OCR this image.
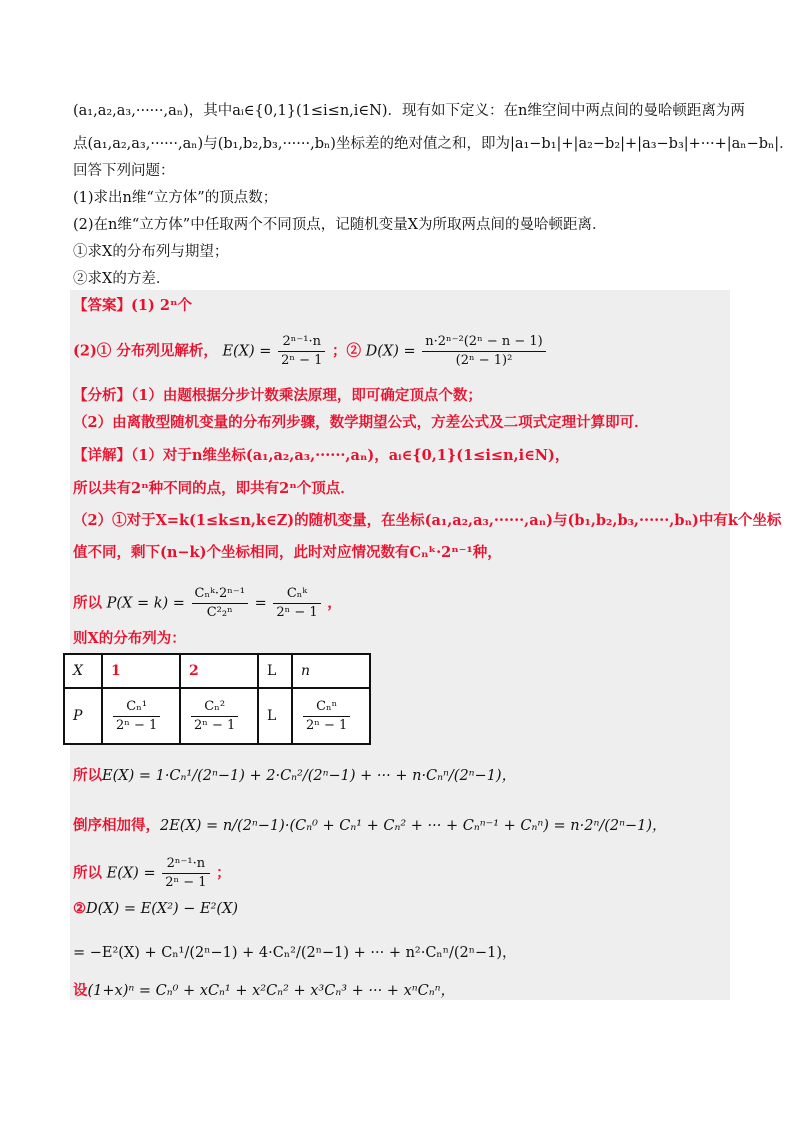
(a₁,a₂,a₃,······,aₙ)，其中aᵢ∈{0,1}(1≤i≤n,i∈N)．现有如下定义：在n维空间中两点间的曼哈顿距离为两
点(a₁,a₂,a₃,······,aₙ)与(b₁,b₂,b₃,······,bₙ)坐标差的绝对值之和，即为|a₁−b₁|+|a₂−b₂|+|a₃−b₃|+···+|aₙ−bₙ|．
回答下列问题：
(1)求出n维“立方体”的顶点数；
(2)在n维“立方体”中任取两个不同顶点，记随机变量X为所取两点间的曼哈顿距离．
①求X的分布列与期望；
②求X的方差．
【答案】(1) 2ⁿ个
(2)① 分布列见解析， $E(X) = \frac{\text{2ⁿ⁻¹·n}}{\text{2ⁿ − 1}}$ ；② $D(X) = \frac{\text{n·2ⁿ⁻²(2ⁿ − n − 1)}}{\text{(2ⁿ − 1)²}}$
【分析】（1）由题根据分步计数乘法原理，即可确定顶点个数；
（2）由离散型随机变量的分布列步骤，数学期望公式，方差公式及二项式定理计算即可．
【详解】（1）对于n维坐标(a₁,a₂,a₃,······,aₙ)，aᵢ∈{0,1}(1≤i≤n,i∈N)，
所以共有2ⁿ种不同的点，即共有2ⁿ个顶点．
（2）①对于X=k(1≤k≤n,k∈Z)的随机变量，在坐标(a₁,a₂,a₃,······,aₙ)与(b₁,b₂,b₃,······,bₙ)中有k个坐标
值不同，剩下(n−k)个坐标相同，此时对应情况数有Cₙᵏ·2ⁿ⁻¹种，
所以 $P(X = k) = \frac{\text{Cₙᵏ·2ⁿ⁻¹}}{\text{C²₂ⁿ}} = \frac{\text{Cₙᵏ}}{\text{2ⁿ − 1}}$ ，
则X的分布列为：
X	1	2	L	n
P	$\frac{\text{Cₙ¹}}{\text{2ⁿ − 1}}$	$\frac{\text{Cₙ²}}{\text{2ⁿ − 1}}$	L	$\frac{\text{Cₙⁿ}}{\text{2ⁿ − 1}}$
所以E(X) = 1·Cₙ¹/(2ⁿ−1) + 2·Cₙ²/(2ⁿ−1) + ··· + n·Cₙⁿ/(2ⁿ−1)，
倒序相加得，2E(X) = n/(2ⁿ−1)·(Cₙ⁰ + Cₙ¹ + Cₙ² + ··· + Cₙⁿ⁻¹ + Cₙⁿ) = n·2ⁿ/(2ⁿ−1)，
所以 $E(X) = \frac{\text{2ⁿ⁻¹·n}}{\text{2ⁿ − 1}}$ ；
②D(X) = E(X²) − E²(X)
= −E²(X) + Cₙ¹/(2ⁿ−1) + 4·Cₙ²/(2ⁿ−1) + ··· + n²·Cₙⁿ/(2ⁿ−1)，
设(1+x)ⁿ = Cₙ⁰ + xCₙ¹ + x²Cₙ² + x³Cₙ³ + ··· + xⁿCₙⁿ，
